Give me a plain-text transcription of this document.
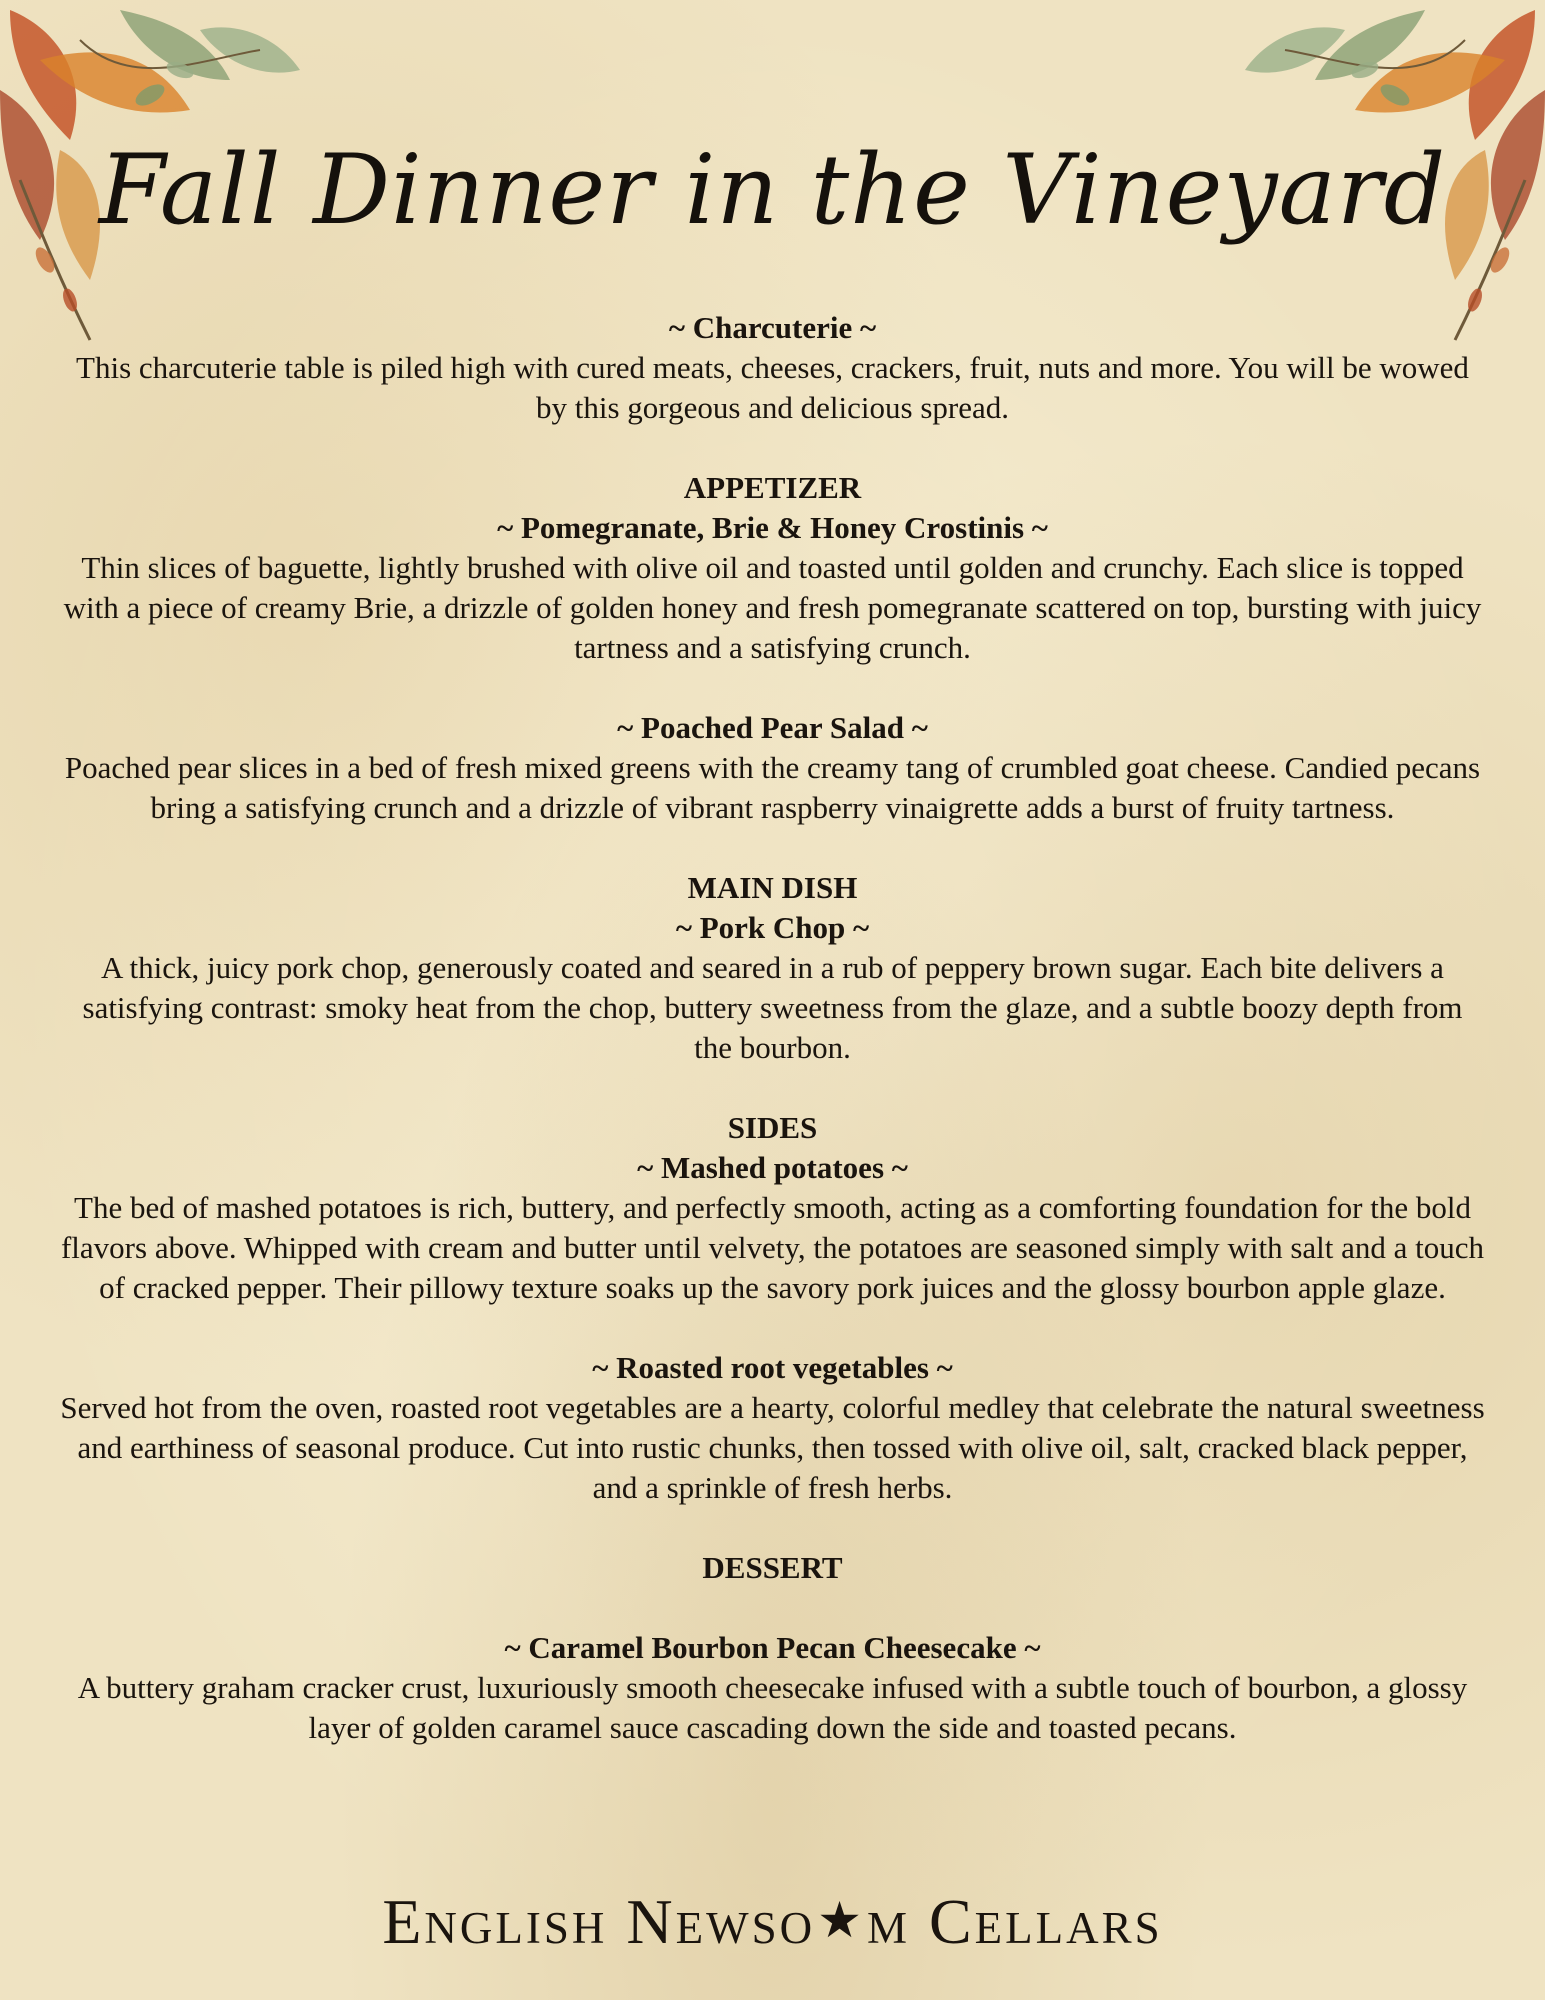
Fall Dinner in the Vineyard

~ Charcuterie ~

This charcuterie table is piled high with cured meats, cheeses, crackers, fruit, nuts and more. You will be wowed by this gorgeous and delicious spread.

APPETIZER

~ Pomegranate, Brie & Honey Crostinis ~

Thin slices of baguette, lightly brushed with olive oil and toasted until golden and crunchy. Each slice is topped with a piece of creamy Brie, a drizzle of golden honey and fresh pomegranate scattered on top, bursting with juicy tartness and a satisfying crunch.

~ Poached Pear Salad ~

Poached pear slices in a bed of fresh mixed greens with the creamy tang of crumbled goat cheese. Candied pecans bring a satisfying crunch and a drizzle of vibrant raspberry vinaigrette adds a burst of fruity tartness.

MAIN DISH

~ Pork Chop ~

A thick, juicy pork chop, generously coated and seared in a rub of peppery brown sugar. Each bite delivers a satisfying contrast: smoky heat from the chop, buttery sweetness from the glaze, and a subtle boozy depth from the bourbon.

SIDES

~ Mashed potatoes ~

The bed of mashed potatoes is rich, buttery, and perfectly smooth, acting as a comforting foundation for the bold flavors above. Whipped with cream and butter until velvety, the potatoes are seasoned simply with salt and a touch of cracked pepper. Their pillowy texture soaks up the savory pork juices and the glossy bourbon apple glaze.

~ Roasted root vegetables ~

Served hot from the oven, roasted root vegetables are a hearty, colorful medley that celebrate the natural sweetness and earthiness of seasonal produce. Cut into rustic chunks, then tossed with olive oil, salt, cracked black pepper, and a sprinkle of fresh herbs.

DESSERT

~ Caramel Bourbon Pecan Cheesecake ~

A buttery graham cracker crust, luxuriously smooth cheesecake infused with a subtle touch of bourbon, a glossy layer of golden caramel sauce cascading down the side and toasted pecans.

English Newso★m Cellars
